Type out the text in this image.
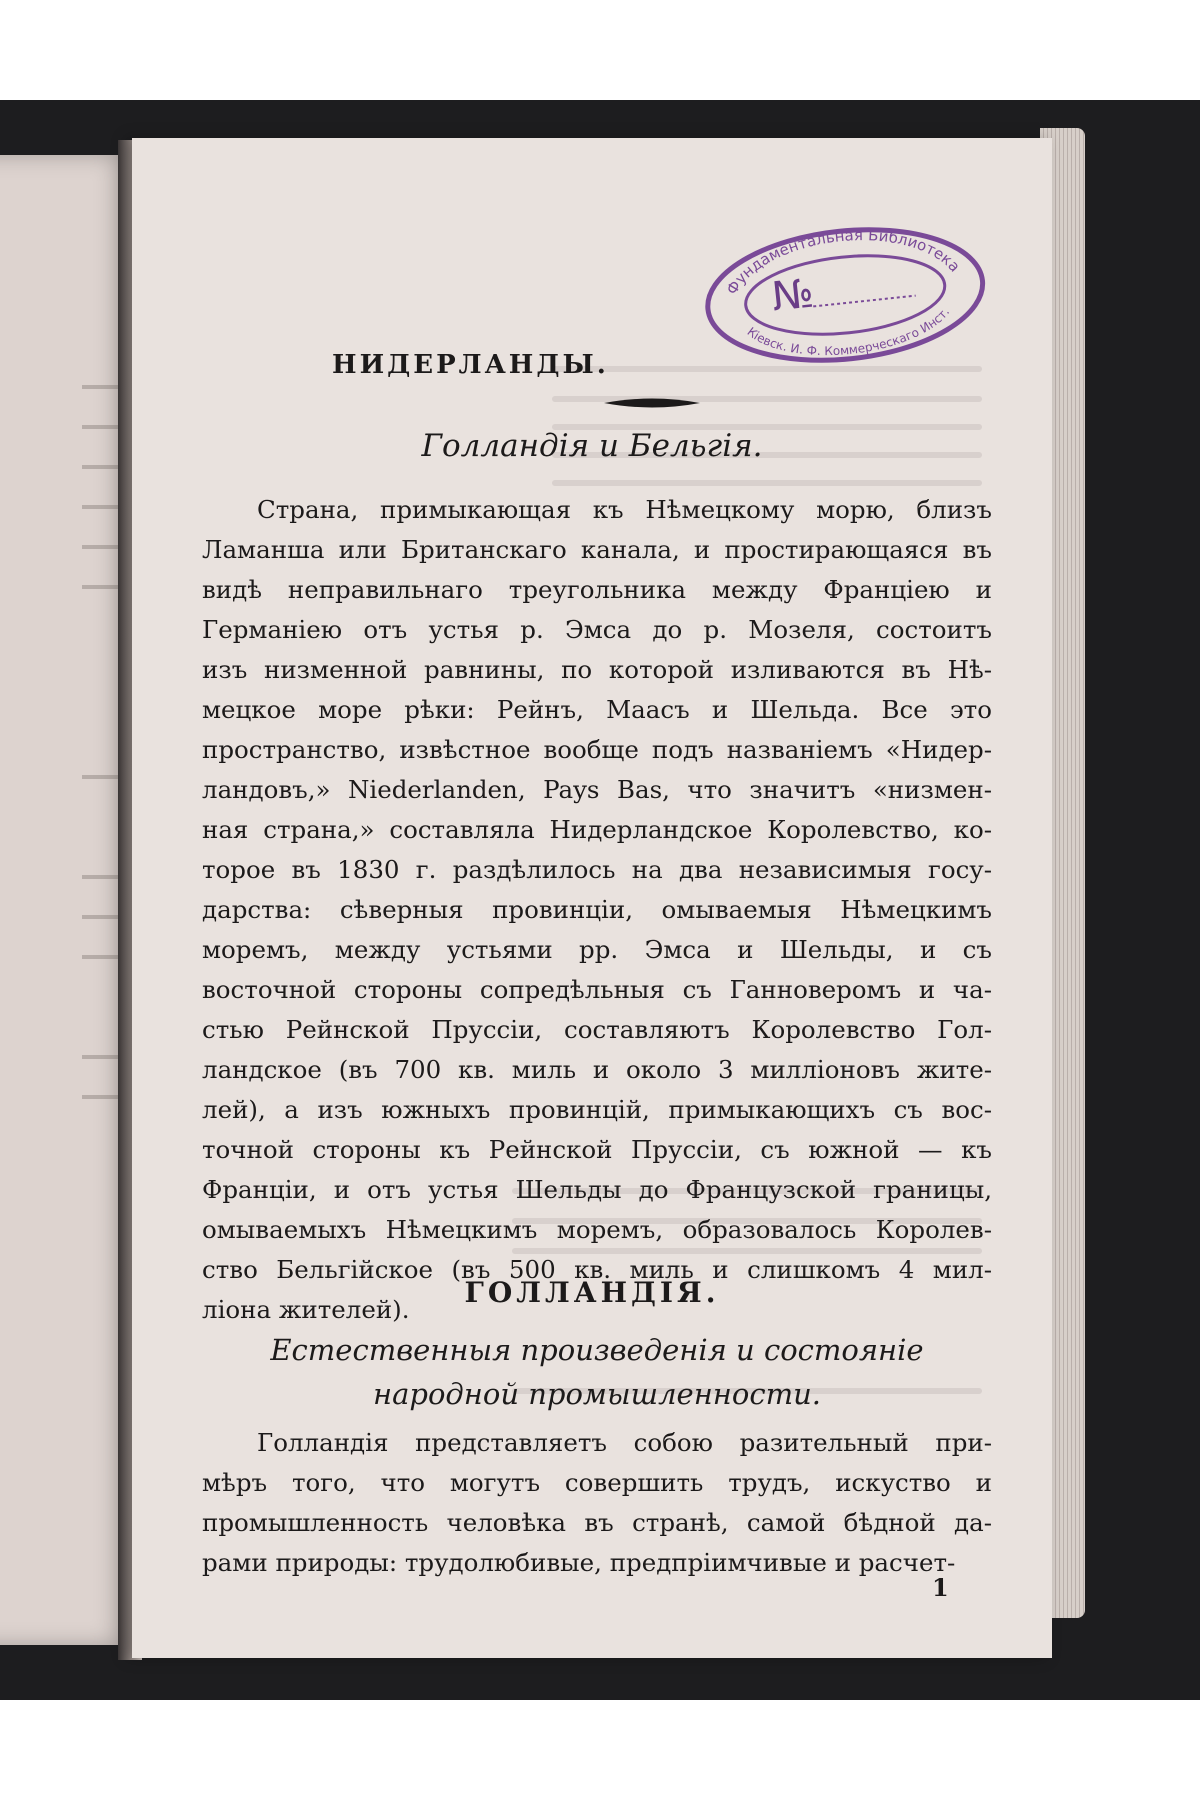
Фундаментальная Библиотека
Кіевск. И. Ф. Коммерческаго Инст.
№
НИДЕРЛАНДЫ.
Голландія и Бельгія.
Страна, примыкающая къ Нѣмецкому морю, близъ
Ламанша или Британскаго канала, и простирающаяся въ
видѣ неправильнаго треугольника между Франціею и
Германіею отъ устья р. Эмса до р. Мозеля, состоитъ
изъ низменной равнины, по которой изливаются въ Нѣ-
мецкое море рѣки: Рейнъ, Маасъ и Шельда. Все это
пространство, извѣстное вообще подъ названіемъ «Нидер-
ландовъ,» Niederlanden, Pays Bas, что значитъ «низмен-
ная страна,» составляла Нидерландское Королевство, ко-
торое въ 1830 г. раздѣлилось на два независимыя госу-
дарства: сѣверныя провинціи, омываемыя Нѣмецкимъ
моремъ, между устьями рр. Эмса и Шельды, и съ
восточной стороны сопредѣльныя съ Ганноверомъ и ча-
стью Рейнской Пруссіи, составляютъ Королевство Гол-
ландское (въ 700 кв. миль и около 3 милліоновъ жите-
лей), а изъ южныхъ провинцій, примыкающихъ съ вос-
точной стороны къ Рейнской Пруссіи, съ южной — къ
Франціи, и отъ устья Шельды до Французской границы,
омываемыхъ Нѣмецкимъ моремъ, образовалось Королев-
ство Бельгійское (въ 500 кв. миль и слишкомъ 4 мил-
ліона жителей).
ГОЛЛАНДІЯ.
Естественныя произведенія и состояніе народной промышленности.
Голландія представляетъ собою разительный при-
мѣръ того, что могутъ совершить трудъ, искуство и
промышленность человѣка въ странѣ, самой бѣдной да-
рами природы: трудолюбивые, предпріимчивые и расчет-
1
